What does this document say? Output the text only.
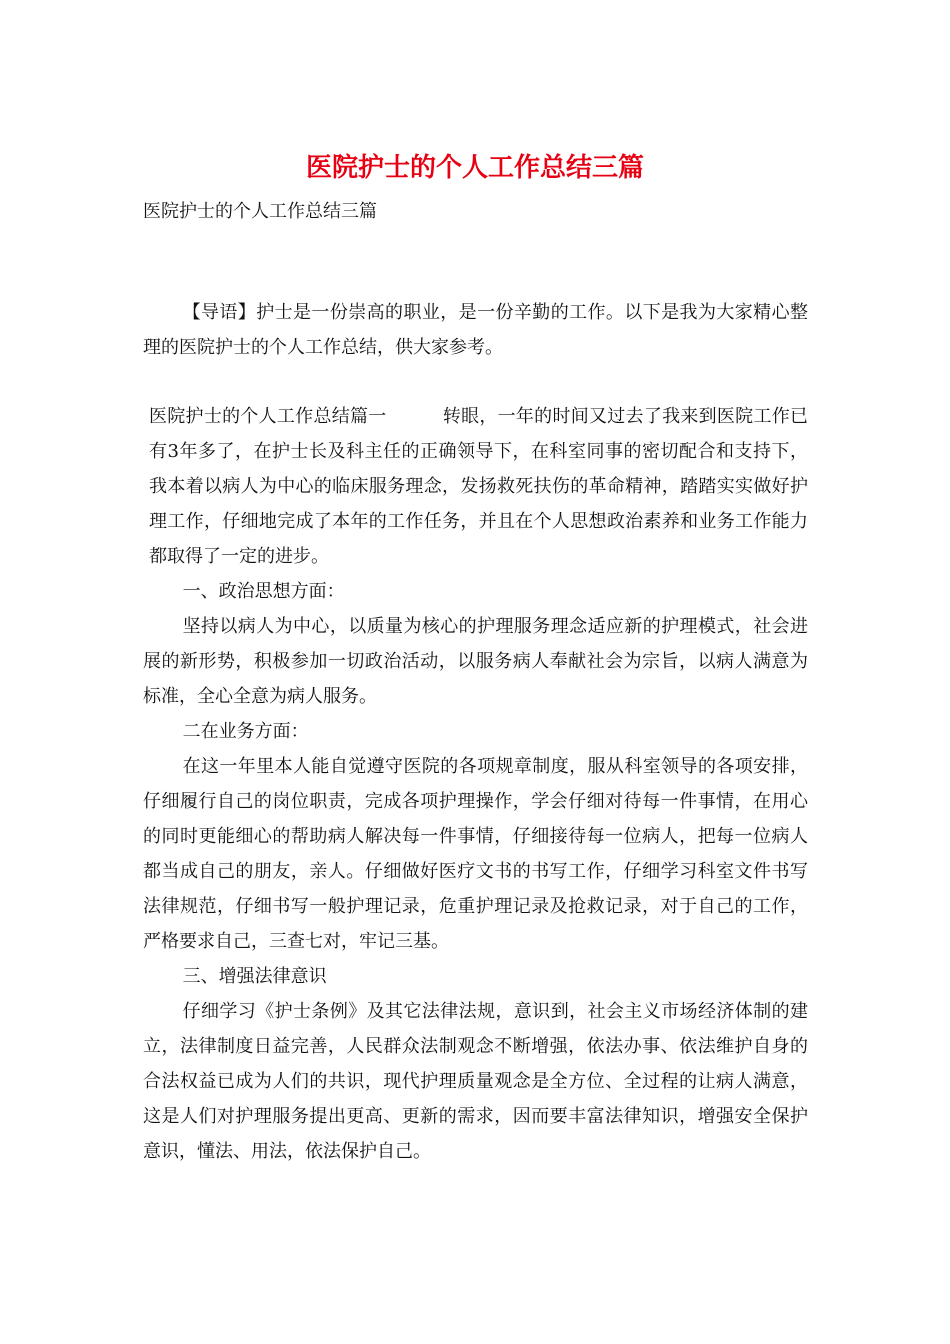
医院护士的个人工作总结三篇
医院护士的个人工作总结三篇

【导语】护士是一份崇高的职业，是一份辛勤的工作。以下是我为大家精心整理的医院护士的个人工作总结，供大家参考。

医院护士的个人工作总结篇一	转眼，一年的时间又过去了我来到医院工作已有3年多了，在护士长及科主任的正确领导下，在科室同事的密切配合和支持下，我本着以病人为中心的临床服务理念，发扬救死扶伤的革命精神，踏踏实实做好护理工作，仔细地完成了本年的工作任务，并且在个人思想政治素养和业务工作能力都取得了一定的进步。

一、政治思想方面：

坚持以病人为中心，以质量为核心的护理服务理念适应新的护理模式，社会进展的新形势，积极参加一切政治活动，以服务病人奉献社会为宗旨，以病人满意为标准，全心全意为病人服务。

二在业务方面：

在这一年里本人能自觉遵守医院的各项规章制度，服从科室领导的各项安排，仔细履行自己的岗位职责，完成各项护理操作，学会仔细对待每一件事情，在用心的同时更能细心的帮助病人解决每一件事情，仔细接待每一位病人，把每一位病人都当成自己的朋友，亲人。仔细做好医疗文书的书写工作，仔细学习科室文件书写法律规范，仔细书写一般护理记录，危重护理记录及抢救记录，对于自己的工作，严格要求自己，三查七对，牢记三基。

三、增强法律意识

仔细学习《护士条例》及其它法律法规，意识到，社会主义市场经济体制的建立，法律制度日益完善，人民群众法制观念不断增强，依法办事、依法维护自身的合法权益已成为人们的共识，现代护理质量观念是全方位、全过程的让病人满意，这是人们对护理服务提出更高、更新的需求，因而要丰富法律知识，增强安全保护意识，懂法、用法，依法保护自己。
